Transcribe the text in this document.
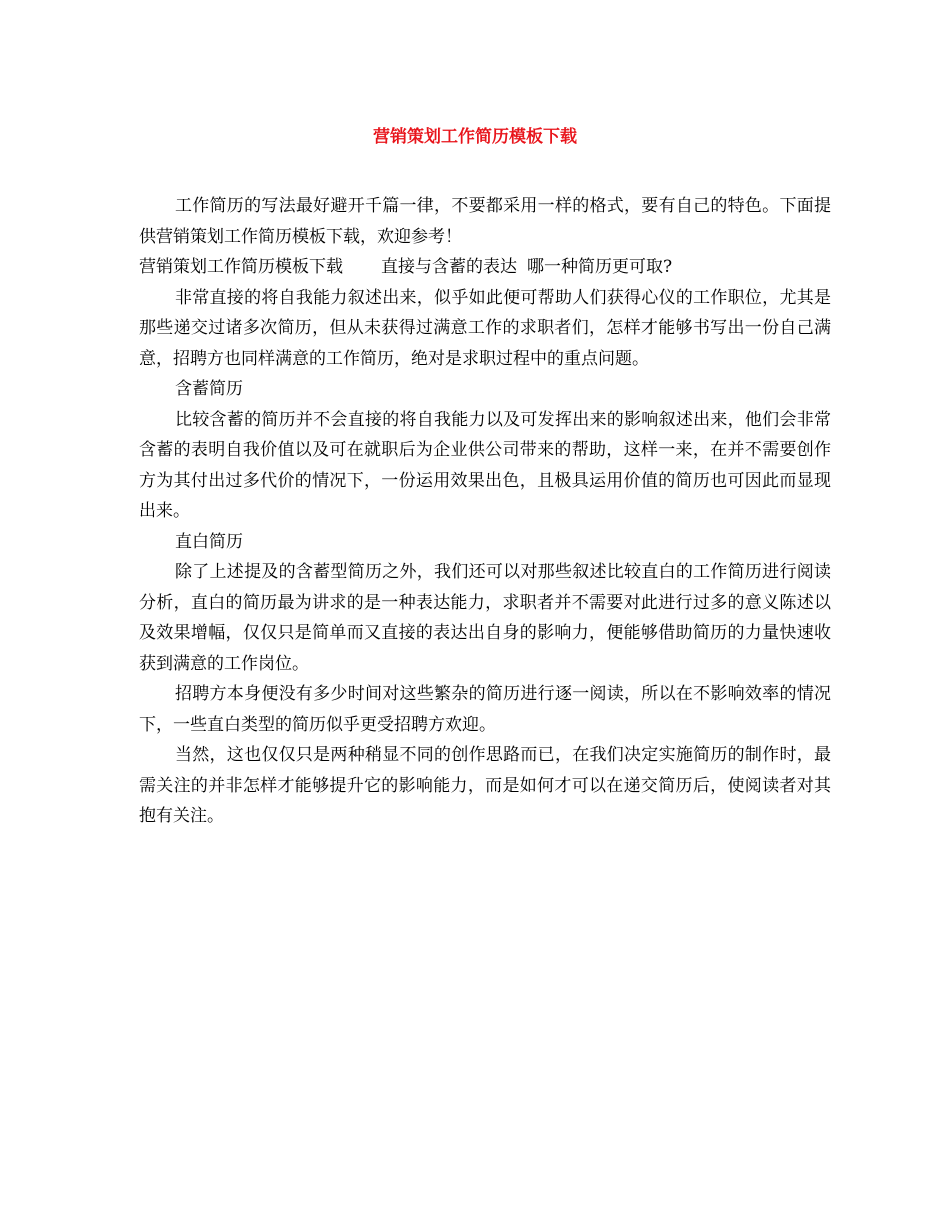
营销策划工作简历模板下载

工作简历的写法最好避开千篇一律，不要都采用一样的格式，要有自己的特色。下面提供营销策划工作简历模板下载，欢迎参考！

营销策划工作简历模板下载 直接与含蓄的表达 哪一种简历更可取?

非常直接的将自我能力叙述出来，似乎如此便可帮助人们获得心仪的工作职位，尤其是那些递交过诸多次简历，但从未获得过满意工作的求职者们，怎样才能够书写出一份自己满意，招聘方也同样满意的工作简历，绝对是求职过程中的重点问题。

含蓄简历

比较含蓄的简历并不会直接的将自我能力以及可发挥出来的影响叙述出来，他们会非常含蓄的表明自我价值以及可在就职后为企业供公司带来的帮助，这样一来，在并不需要创作方为其付出过多代价的情况下，一份运用效果出色，且极具运用价值的简历也可因此而显现出来。

直白简历

除了上述提及的含蓄型简历之外，我们还可以对那些叙述比较直白的工作简历进行阅读分析，直白的简历最为讲求的是一种表达能力，求职者并不需要对此进行过多的意义陈述以及效果增幅，仅仅只是简单而又直接的表达出自身的影响力，便能够借助简历的力量快速收获到满意的工作岗位。

招聘方本身便没有多少时间对这些繁杂的简历进行逐一阅读，所以在不影响效率的情况下，一些直白类型的简历似乎更受招聘方欢迎。

当然，这也仅仅只是两种稍显不同的创作思路而已，在我们决定实施简历的制作时，最需关注的并非怎样才能够提升它的影响能力，而是如何才可以在递交简历后，使阅读者对其抱有关注。
